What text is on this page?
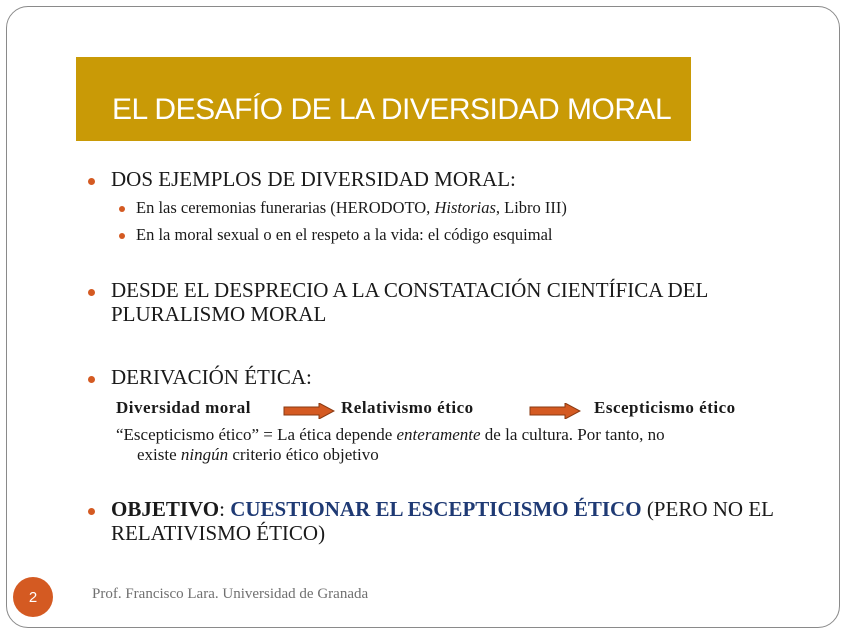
EL DESAFÍO DE LA DIVERSIDAD MORAL
DOS EJEMPLOS DE DIVERSIDAD MORAL:
En las ceremonias funerarias (HERODOTO, Historias, Libro III)
En la moral sexual o en el respeto a la vida: el código esquimal
DESDE EL DESPRECIO A LA CONSTATACIÓN CIENTÍFICA DEL
PLURALISMO MORAL
DERIVACIÓN ÉTICA:
Diversidad moral	Relativismo ético	Escepticismo ético
“Escepticismo ético” = La ética depende enteramente de la cultura. Por tanto, no
existe ningún criterio ético objetivo
OBJETIVO: CUESTIONAR EL ESCEPTICISMO ÉTICO (PERO NO EL
RELATIVISMO ÉTICO)
2	Prof. Francisco Lara. Universidad de Granada
